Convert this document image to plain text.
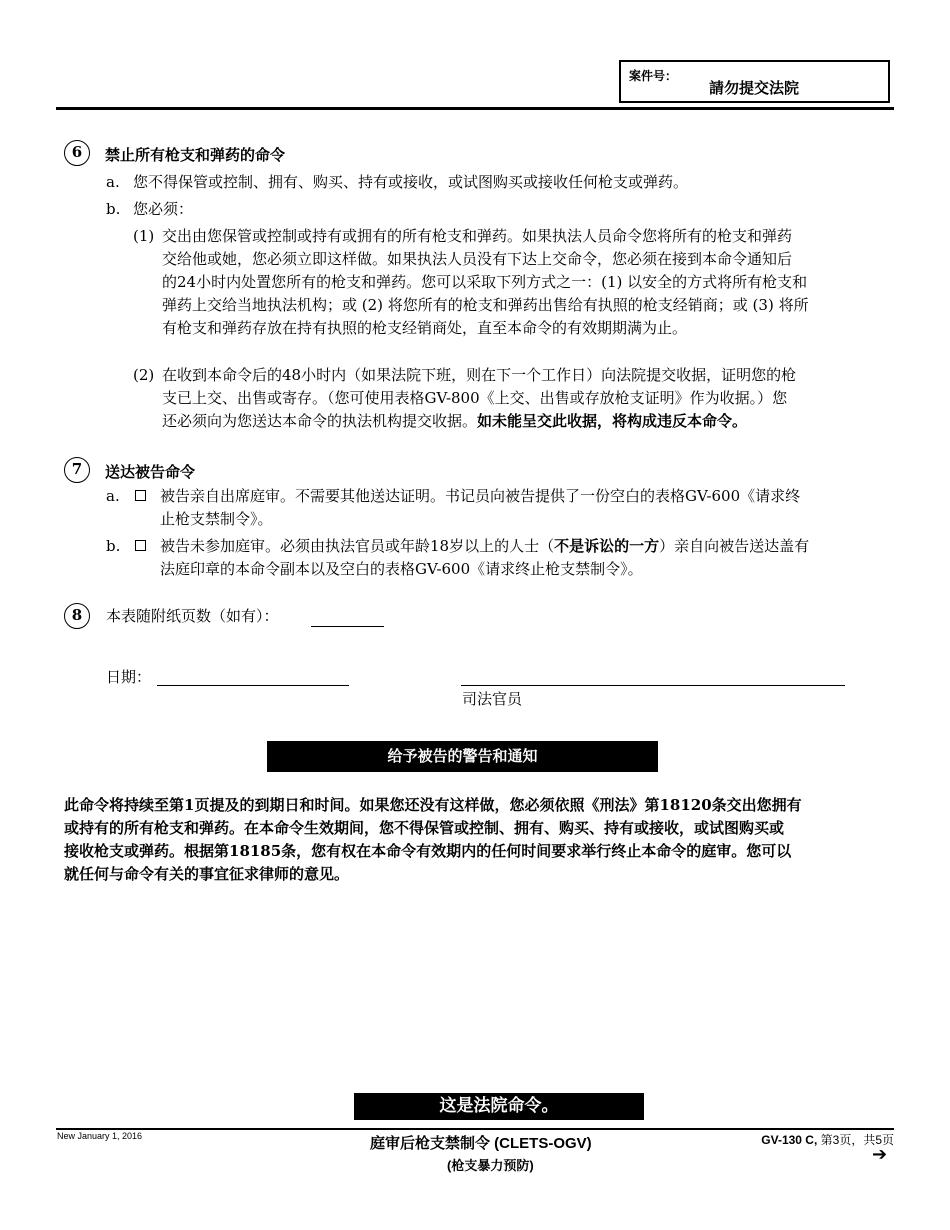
案件号：
請勿提交法院
6	禁止所有枪支和弹药的命令
a. 您不得保管或控制、拥有、购买、持有或接收，或试图购买或接收任何枪支或弹药。
b. 您必须：
(1) 交出由您保管或控制或持有或拥有的所有枪支和弹药。如果执法人员命令您将所有的枪支和弹药
交给他或她，您必须立即这样做。如果执法人员没有下达上交命令，您必须在接到本命令通知后
的24小时内处置您所有的枪支和弹药。您可以采取下列方式之一：(1) 以安全的方式将所有枪支和
弹药上交给当地执法机构；或 (2) 将您所有的枪支和弹药出售给有执照的枪支经销商；或 (3) 将所
有枪支和弹药存放在持有执照的枪支经销商处，直至本命令的有效期期满为止。
(2) 在收到本命令后的48小时内（如果法院下班，则在下一个工作日）向法院提交收据，证明您的枪
支已上交、出售或寄存。（您可使用表格GV-800《上交、出售或存放枪支证明》作为收据。）您
还必须向为您送达本命令的执法机构提交收据。如未能呈交此收据，将构成违反本命令。
7	送达被告命令
a.	被告亲自出席庭审。不需要其他送达证明。书记员向被告提供了一份空白的表格GV-600《请求终
止枪支禁制令》。
b.	被告未参加庭审。必须由执法官员或年龄18岁以上的人士（不是诉讼的一方）亲自向被告送达盖有
法庭印章的本命令副本以及空白的表格GV-600《请求终止枪支禁制令》。
8	本表随附纸页数（如有）：
日期：
司法官员
给予被告的警告和通知
此命令将持续至第1页提及的到期日和时间。如果您还没有这样做，您必须依照《刑法》第18120条交出您拥有
或持有的所有枪支和弹药。在本命令生效期间，您不得保管或控制、拥有、购买、持有或接收，或试图购买或
接收枪支或弹药。根据第18185条，您有权在本命令有效期内的任何时间要求举行终止本命令的庭审。您可以
就任何与命令有关的事宜征求律师的意见。
这是法院命令。
New January 1, 2016	庭审后枪支禁制令 (CLETS-OGV)
(枪支暴力预防)
GV-130 C, 第3页，共5页
➔
